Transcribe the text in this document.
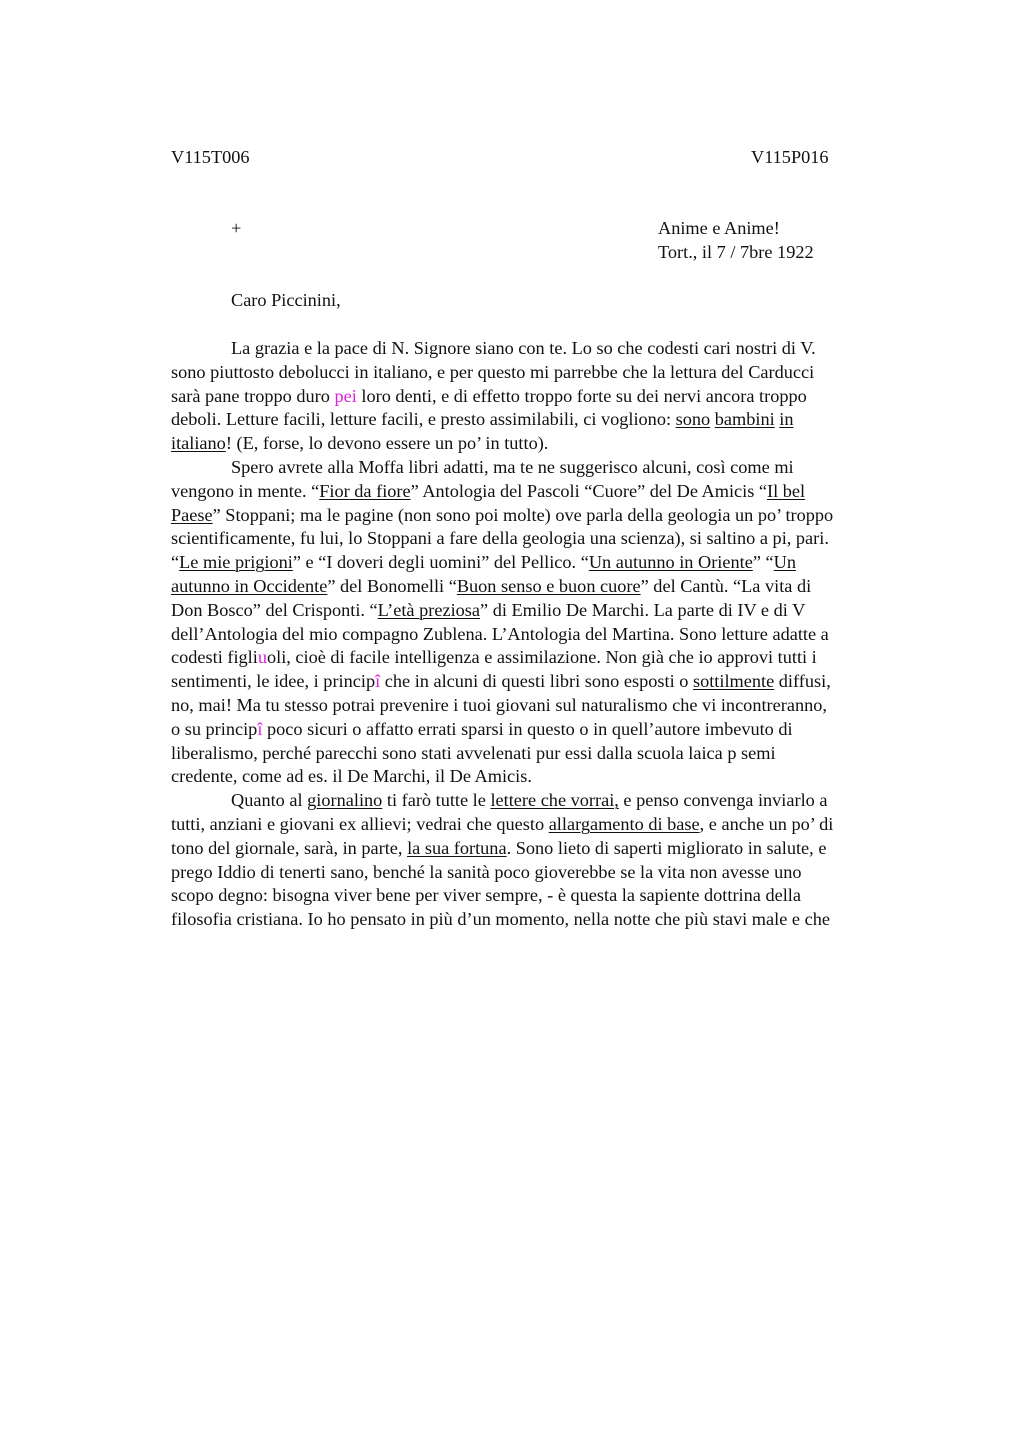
V115T006	V115P016
+	Anime e Anime!
Tort., il 7 / 7bre 1922
Caro Piccinini,
La grazia e la pace di N. Signore siano con te. Lo so che codesti cari nostri di V.
sono piuttosto debolucci in italiano, e per questo mi parrebbe che la lettura del Carducci
sarà pane troppo duro pei loro denti, e di effetto troppo forte su dei nervi ancora troppo
deboli. Letture facili, letture facili, e presto assimilabili, ci vogliono: sono bambini in
italiano! (E, forse, lo devono essere un po’ in tutto).
Spero avrete alla Moffa libri adatti, ma te ne suggerisco alcuni, così come mi
vengono in mente. “Fior da fiore” Antologia del Pascoli “Cuore” del De Amicis “Il bel
Paese” Stoppani; ma le pagine (non sono poi molte) ove parla della geologia un po’ troppo
scientificamente, fu lui, lo Stoppani a fare della geologia una scienza), si saltino a pi, pari.
“Le mie prigioni” e “I doveri degli uomini” del Pellico. “Un autunno in Oriente” “Un
autunno in Occidente” del Bonomelli “Buon senso e buon cuore” del Cantù. “La vita di
Don Bosco” del Crisponti. “L’età preziosa” di Emilio De Marchi. La parte di IV e di V
dell’Antologia del mio compagno Zublena. L’Antologia del Martina. Sono letture adatte a
codesti figliuoli, cioè di facile intelligenza e assimilazione. Non già che io approvi tutti i
sentimenti, le idee, i principî che in alcuni di questi libri sono esposti o sottilmente diffusi,
no, mai! Ma tu stesso potrai prevenire i tuoi giovani sul naturalismo che vi incontreranno,
o su principî poco sicuri o affatto errati sparsi in questo o in quell’autore imbevuto di
liberalismo, perché parecchi sono stati avvelenati pur essi dalla scuola laica p semi
credente, come ad es. il De Marchi, il De Amicis.
Quanto al giornalino ti farò tutte le lettere che vorrai, e penso convenga inviarlo a
tutti, anziani e giovani ex allievi; vedrai che questo allargamento di base, e anche un po’ di
tono del giornale, sarà, in parte, la sua fortuna. Sono lieto di saperti migliorato in salute, e
prego Iddio di tenerti sano, benché la sanità poco gioverebbe se la vita non avesse uno
scopo degno: bisogna viver bene per viver sempre, - è questa la sapiente dottrina della
filosofia cristiana. Io ho pensato in più d’un momento, nella notte che più stavi male e che
